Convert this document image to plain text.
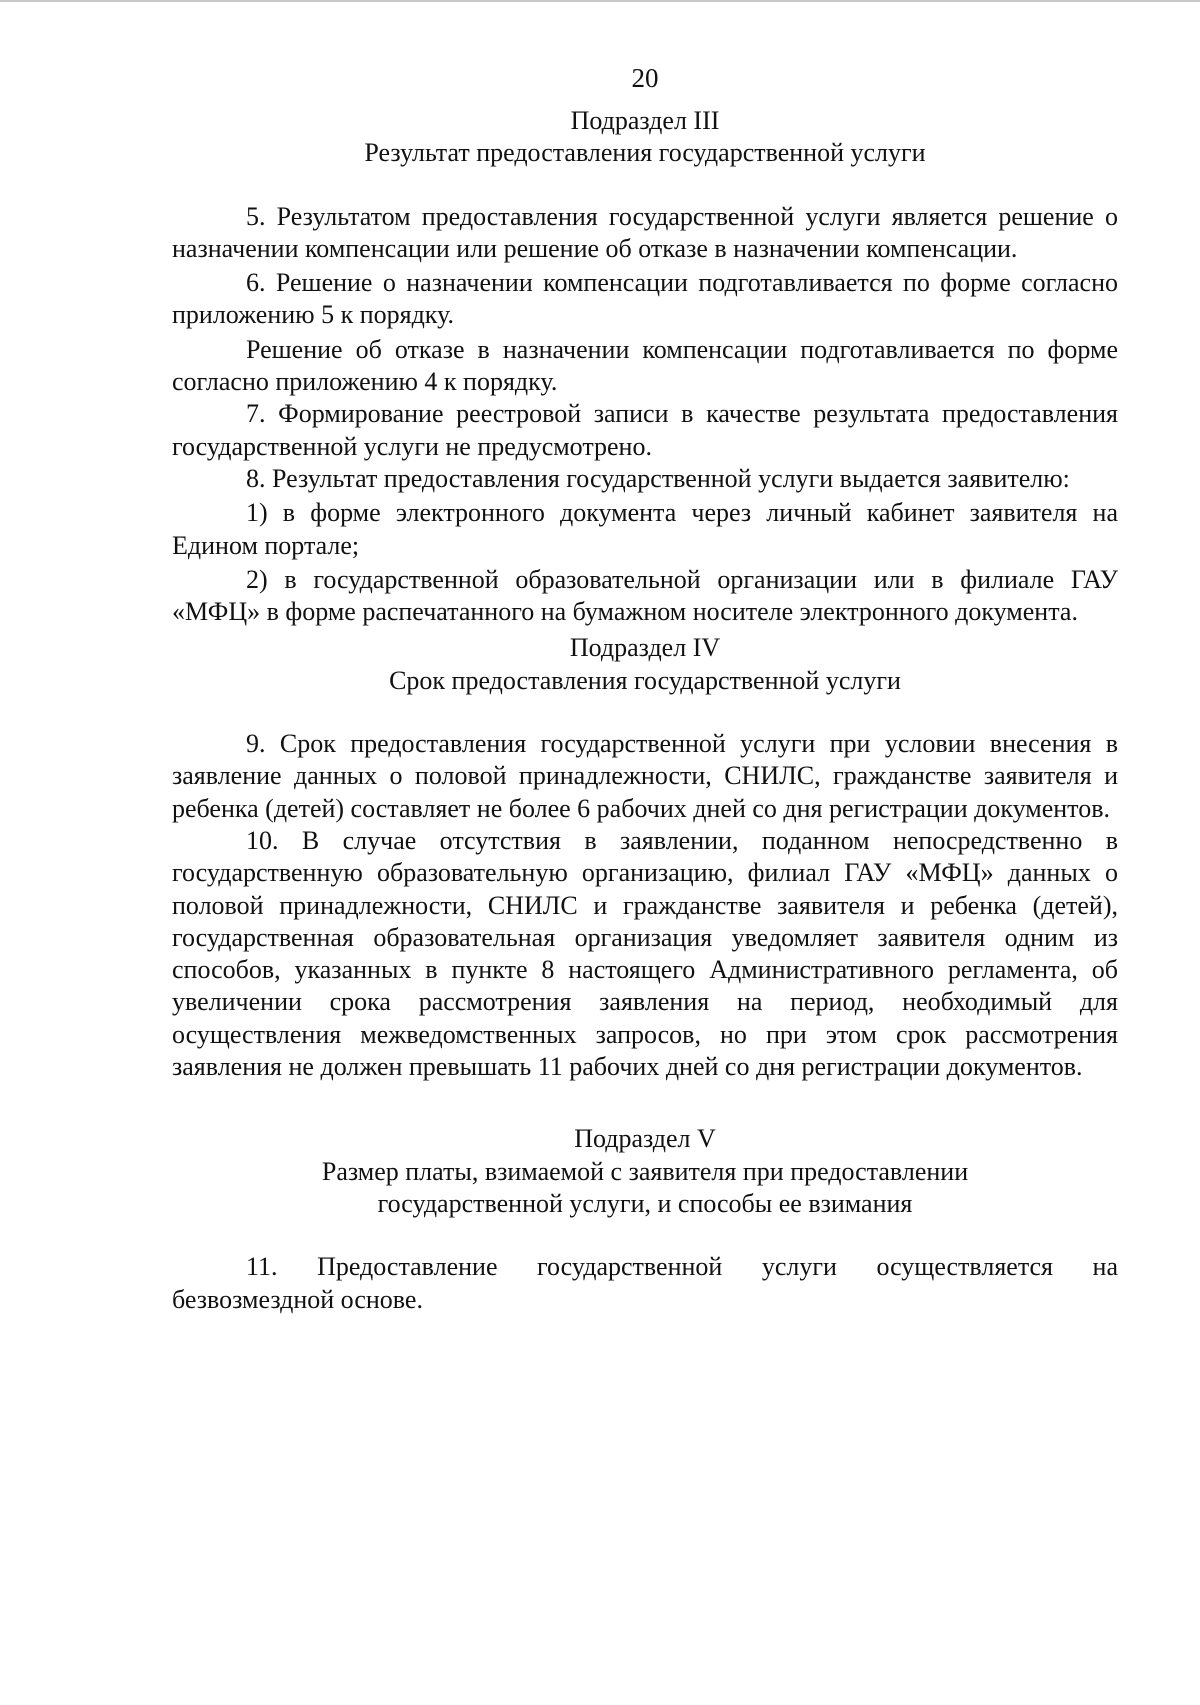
20

Подраздел III

Результат предоставления государственной услуги

5. Результатом предоставления государственной услуги является решение о назначении компенсации или решение об отказе в назначении компенсации.

6. Решение о назначении компенсации подготавливается по форме согласно приложению 5 к порядку.

Решение об отказе в назначении компенсации подготавливается по форме согласно приложению 4 к порядку.

7. Формирование реестровой записи в качестве результата предоставления государственной услуги не предусмотрено.

8. Результат предоставления государственной услуги выдается заявителю:

1) в форме электронного документа через личный кабинет заявителя на Едином портале;

2) в государственной образовательной организации или в филиале ГАУ «МФЦ» в форме распечатанного на бумажном носителе электронного документа.

Подраздел IV

Срок предоставления государственной услуги

9. Срок предоставления государственной услуги при условии внесения в заявление данных о половой принадлежности, СНИЛС, гражданстве заявителя и ребенка (детей) составляет не более 6 рабочих дней со дня регистрации документов.

10. В случае отсутствия в заявлении, поданном непосредственно в государственную образовательную организацию, филиал ГАУ «МФЦ» данных о половой принадлежности, СНИЛС и гражданстве заявителя и ребенка (детей), государственная образовательная организация уведомляет заявителя одним из способов, указанных в пункте 8 настоящего Административного регламента, об увеличении срока рассмотрения заявления на период, необходимый для осуществления межведомственных запросов, но при этом срок рассмотрения заявления не должен превышать 11 рабочих дней со дня регистрации документов.

Подраздел V

Размер платы, взимаемой с заявителя при предоставлении

государственной услуги, и способы ее взимания

11. Предоставление государственной услуги осуществляется на безвозмездной основе.
